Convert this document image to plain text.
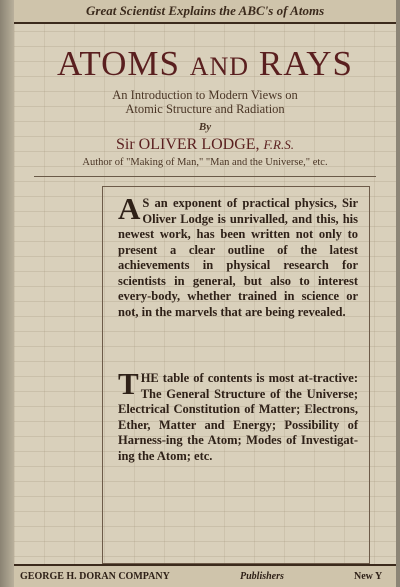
Great Scientist Explains the ABC's of Atoms
ATOMS AND RAYS
An Introduction to Modern Views on
Atomic Structure and Radiation
By
Sir OLIVER LODGE, F.R.S.
Author of "Making of Man," "Man and the Universe," etc.

A S an exponent of practical physics, Sir Oliver Lodge is unrivalled, and this, his newest work, has been written not only to present a clear outline of the latest achievements in physical research for scientists in general, but also to interest every-body, whether trained in science or not, in the marvels that are being revealed.

THE table of contents is most at-tractive: The General Structure of the Universe; Electrical Constitution of Matter; Electrons, Ether, Matter and Energy; Possibility of Harness-ing the Atom; Modes of Investigat-ing the Atom; etc.

GEORGE H. DORAN COMPANY	Publishers	New Y
